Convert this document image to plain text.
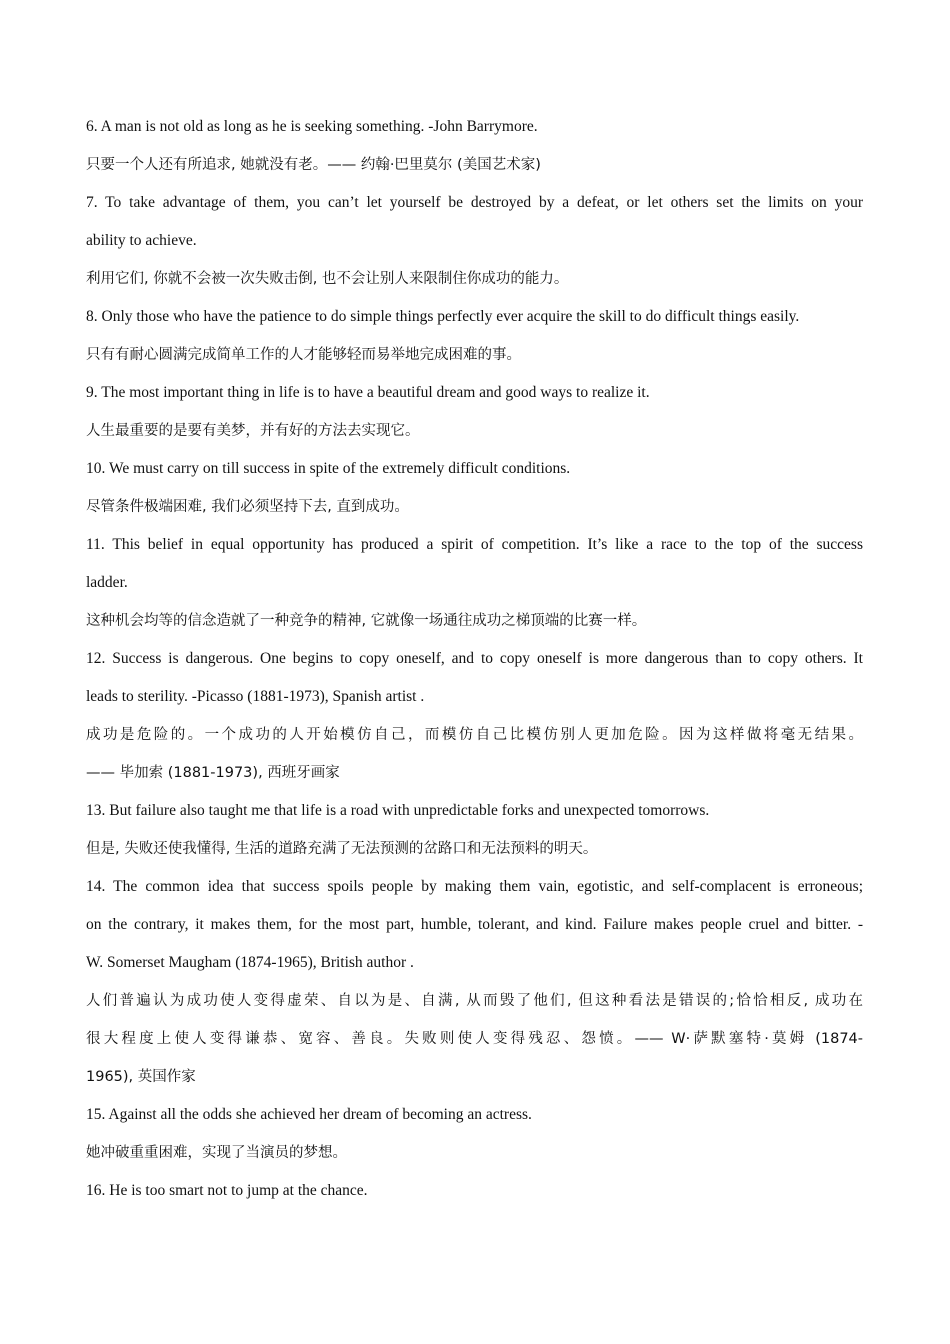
6. A man is not old as long as he is seeking something. -John Barrymore.
只要一个人还有所追求, 她就没有老。—— 约翰·巴里莫尔 (美国艺术家)
7. To take advantage of them, you can’t let yourself be destroyed by a defeat, or let others set the limits on your
ability to achieve.
利用它们, 你就不会被一次失败击倒, 也不会让别人来限制住你成功的能力。
8. Only those who have the patience to do simple things perfectly ever acquire the skill to do difficult things easily.
只有有耐心圆满完成简单工作的人才能够轻而易举地完成困难的事。
9. The most important thing in life is to have a beautiful dream and good ways to realize it.
人生最重要的是要有美梦，并有好的方法去实现它。
10. We must carry on till success in spite of the extremely difficult conditions.
尽管条件极端困难, 我们必须坚持下去, 直到成功。
11. This belief in equal opportunity has produced a spirit of competition. It’s like a race to the top of the success
ladder.
这种机会均等的信念造就了一种竞争的精神, 它就像一场通往成功之梯顶端的比赛一样。
12. Success is dangerous. One begins to copy oneself, and to copy oneself is more dangerous than to copy others. It
leads to sterility. -Picasso (1881-1973), Spanish artist .
成功是危险的。一个成功的人开始模仿自己，而模仿自己比模仿别人更加危险。因为这样做将毫无结果。
—— 毕加索 (1881-1973), 西班牙画家
13. But failure also taught me that life is a road with unpredictable forks and unexpected tomorrows.
但是, 失败还使我懂得, 生活的道路充满了无法预测的岔路口和无法预料的明天。
14. The common idea that success spoils people by making them vain, egotistic, and self-complacent is erroneous;
on the contrary, it makes them, for the most part, humble, tolerant, and kind. Failure makes people cruel and bitter. -
W. Somerset Maugham (1874-1965), British author .
人们普遍认为成功使人变得虚荣、自以为是、自满, 从而毁了他们, 但这种看法是错误的;恰恰相反, 成功在
很大程度上使人变得谦恭、宽容、善良。失败则使人变得残忍、怨愤。—— W·萨默塞特·莫姆 (1874-
1965), 英国作家
15. Against all the odds she achieved her dream of becoming an actress.
她冲破重重困难，实现了当演员的梦想。
16. He is too smart not to jump at the chance.
